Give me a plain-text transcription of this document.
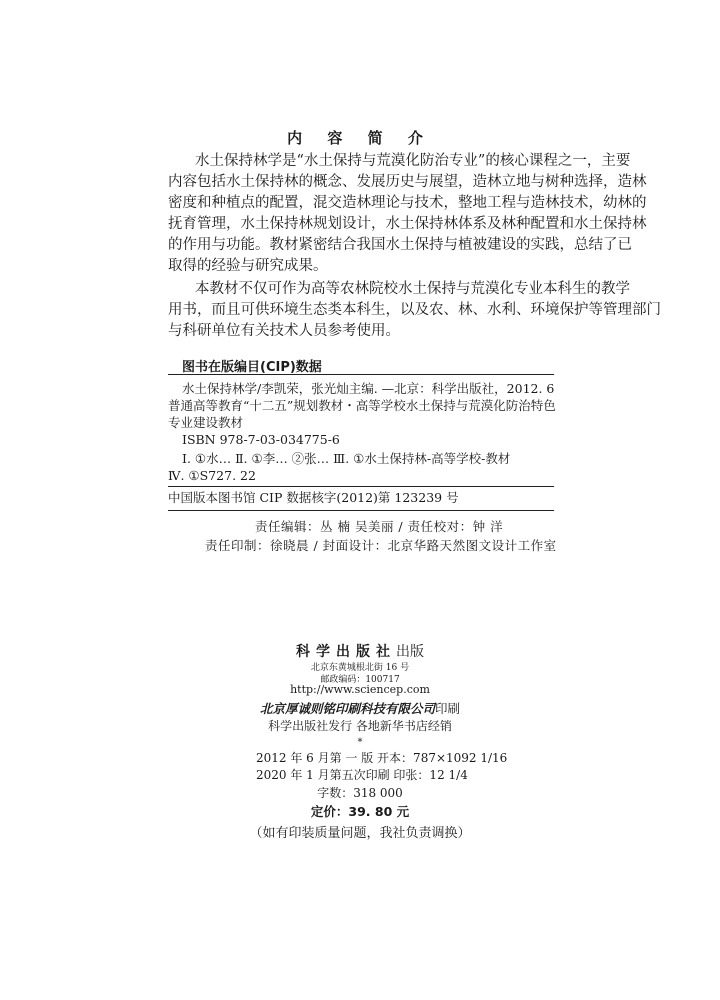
内 容 简 介
水土保持林学是“水土保持与荒漠化防治专业”的核心课程之一，主要
内容包括水土保持林的概念、发展历史与展望，造林立地与树种选择，造林
密度和种植点的配置，混交造林理论与技术，整地工程与造林技术，幼林的
抚育管理，水土保持林规划设计，水土保持林体系及林种配置和水土保持林
的作用与功能。教材紧密结合我国水土保持与植被建设的实践，总结了已
取得的经验与研究成果。
本教材不仅可作为高等农林院校水土保持与荒漠化专业本科生的教学
用书，而且可供环境生态类本科生，以及农、林、水利、环境保护等管理部门
与科研单位有关技术人员参考使用。
图书在版编目(CIP)数据
水土保持林学/李凯荣，张光灿主编. —北京：科学出版社，2012. 6
普通高等教育“十二五”规划教材・高等学校水土保持与荒漠化防治特色
专业建设教材
ISBN 978-7-03-034775-6
Ⅰ. ①水… Ⅱ. ①李… ②张… Ⅲ. ①水土保持林-高等学校-教材
Ⅳ. ①S727. 22
中国版本图书馆 CIP 数据核字(2012)第 123239 号
责任编辑：丛 楠 吴美丽 / 责任校对：钟 洋
责任印制：徐晓晨 / 封面设计：北京华路天然图文设计工作室
科学出版社出版
北京东黄城根北街 16 号
邮政编码：100717
http://www.sciencep.com
北京厚诚则铭印刷科技有限公司印刷
科学出版社发行 各地新华书店经销
*
2012 年 6 月第 一 版 开本：787×1092 1/16
2020 年 1 月第五次印刷 印张：12 1/4
字数：318 000
定价：39. 80 元
（如有印装质量问题，我社负责调换）
